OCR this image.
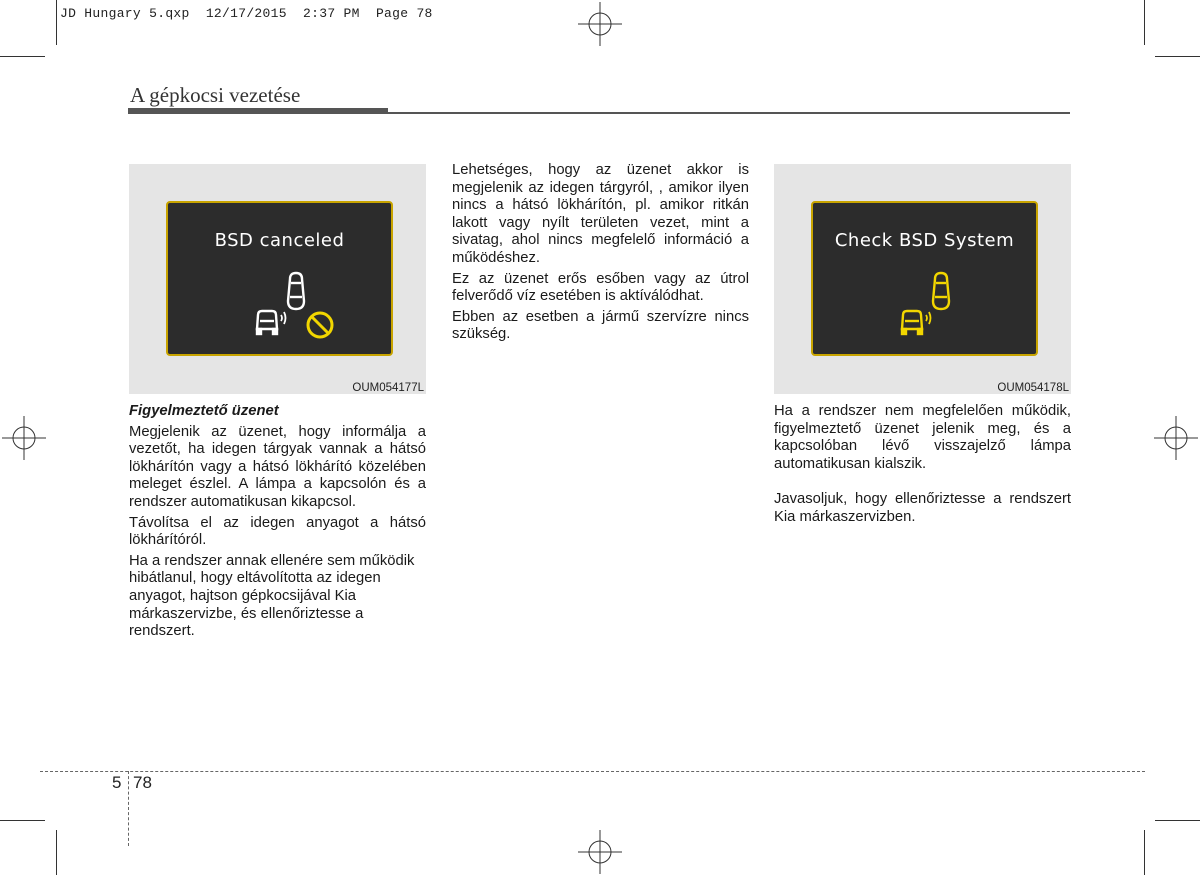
JD Hungary 5.qxp  12/17/2015  2:37 PM  Page 78
A gépkocsi vezetése
BSD canceled
OUM054177L
Check BSD System
OUM054178L

Figyelmeztető üzenet

Megjelenik az üzenet, hogy informálja a vezetőt, ha idegen tárgyak vannak a hátsó lökhárítón vagy a hátsó lökhárító közelében meleget észlel. A lámpa a kapcsolón és a rendszer automatikusan kikapcsol.

Távolítsa el az idegen anyagot a hátsó lökhárítóról.

Ha a rendszer annak ellenére sem működik hibátlanul, hogy eltávolította az idegen anyagot, hajtson gépkocsijával Kia márkaszervizbe, és ellenőriztesse a rendszert.

Lehetséges, hogy az üzenet akkor is megjelenik az idegen tárgyról, , amikor ilyen nincs a hátsó lökhárítón, pl. amikor ritkán lakott vagy nyílt területen vezet, mint a sivatag, ahol nincs megfelelő információ a működéshez.

Ez az üzenet erős esőben vagy az útrol felverődő víz esetében is aktíválódhat.

Ebben az esetben a jármű szervízre nincs szükség.

Ha a rendszer nem megfelelően működik, figyelmeztető üzenet jelenik meg, és a kapcsolóban lévő visszajelző lámpa automatikusan kialszik.

Javasoljuk, hogy ellenőriztesse a rendszert Kia márkaszervizben.

5 78
